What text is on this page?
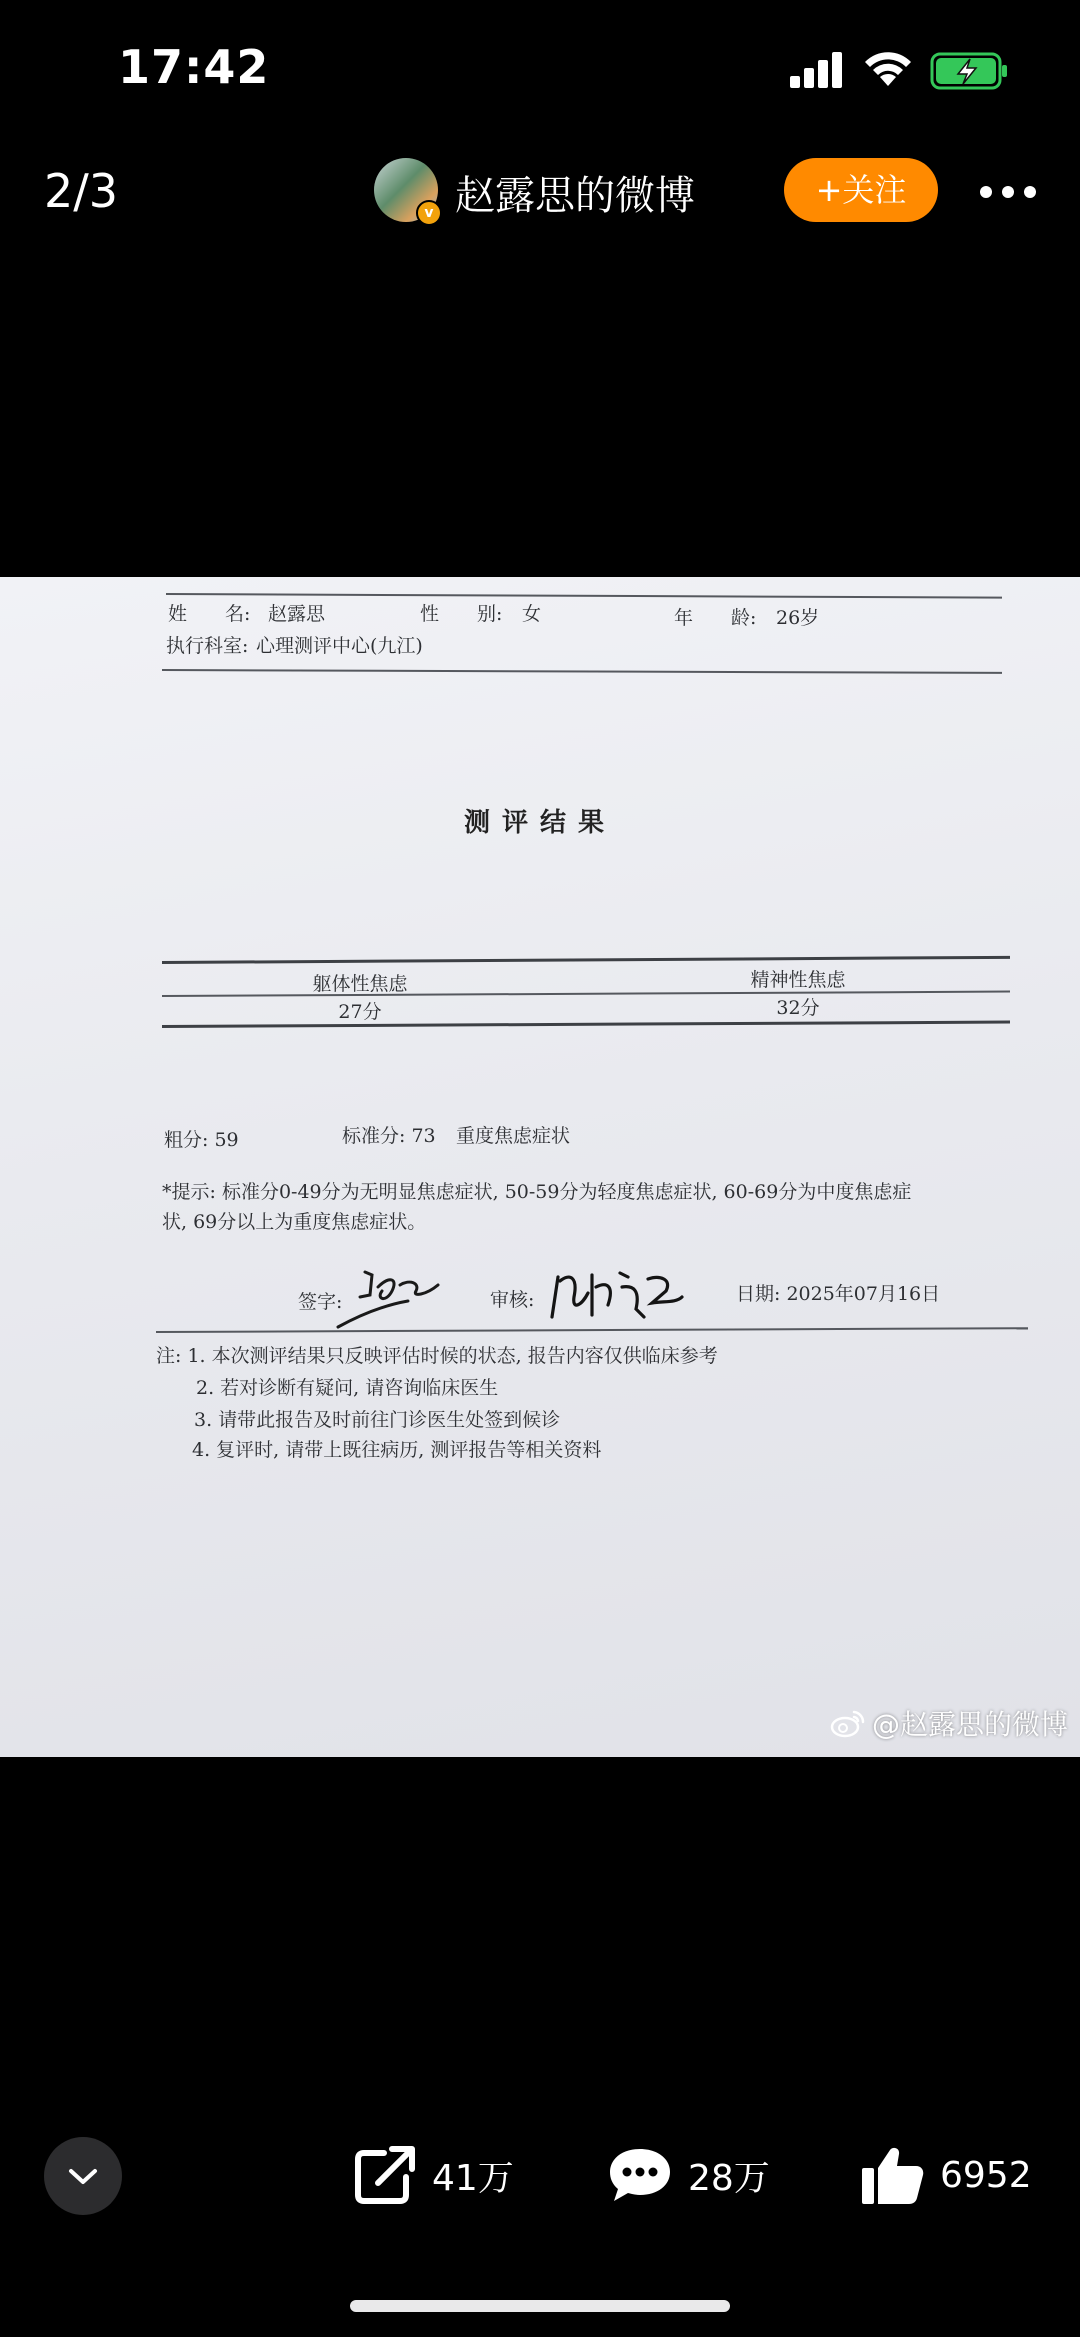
17:42
2/3	v 赵露思的微博	+关注
姓　　名: 赵露思	性　　别: 女	年　　龄: 26岁
执行科室: 心理测评中心(九江)
测评结果
躯体性焦虑	精神性焦虑
27分	32分
粗分: 59	标准分: 73 重度焦虑症状
*提示: 标准分0-49分为无明显焦虑症状, 50-59分为轻度焦虑症状, 60-69分为中度焦虑症
状, 69分以上为重度焦虑症状。
签字:	审核:	日期: 2025年07月16日
注: 1. 本次测评结果只反映评估时候的状态, 报告内容仅供临床参考
2. 若对诊断有疑问, 请咨询临床医生
3. 请带此报告及时前往门诊医生处签到候诊
4. 复评时, 请带上既往病历, 测评报告等相关资料
@赵露思的微博
41万	28万	6952
